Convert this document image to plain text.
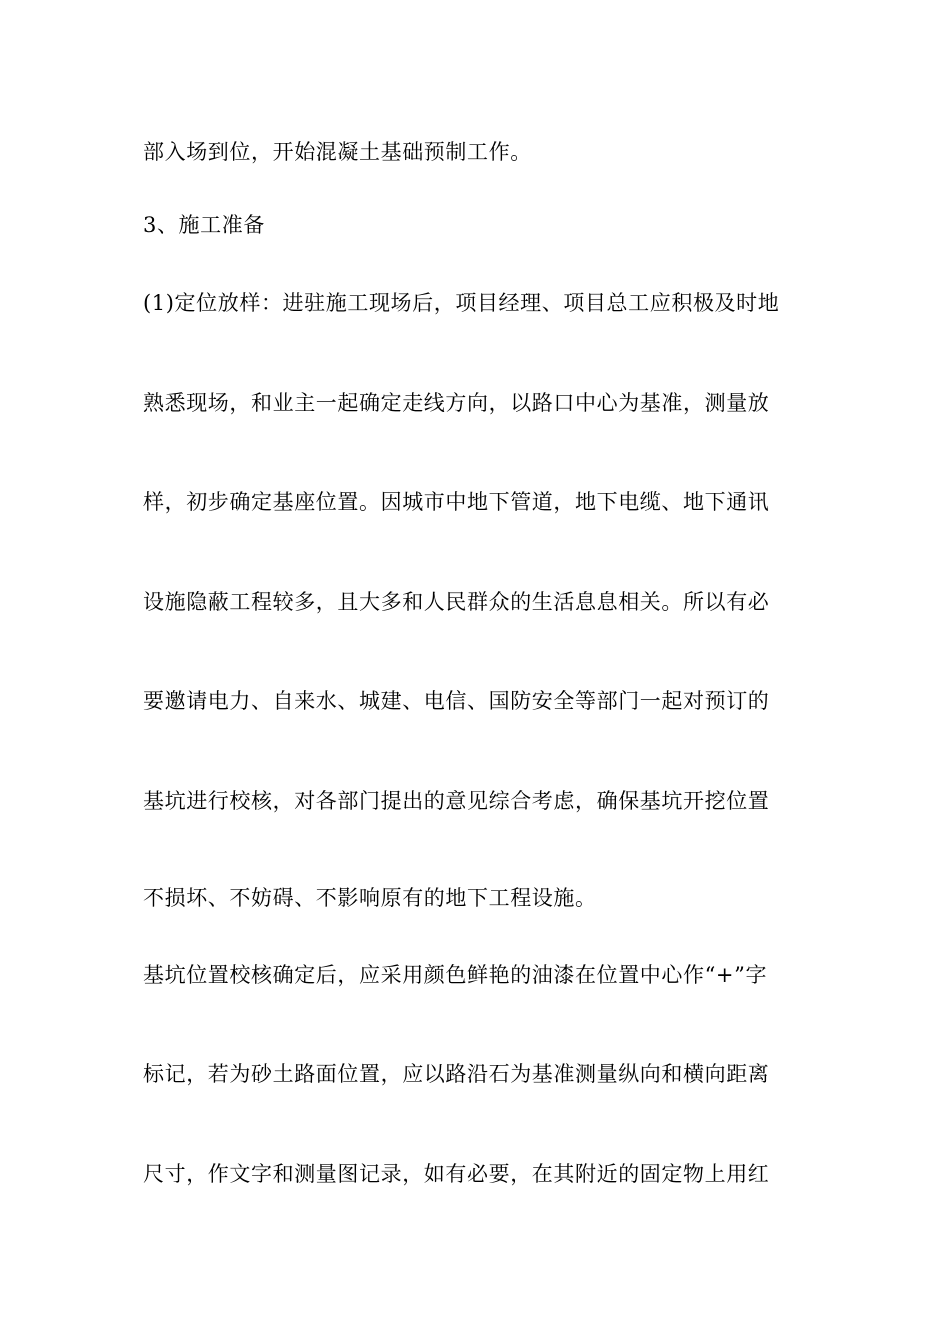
部入场到位，开始混凝土基础预制工作。
3、施工准备
(1)定位放样：进驻施工现场后，项目经理、项目总工应积极及时地
熟悉现场，和业主一起确定走线方向，以路口中心为基准，测量放
样，初步确定基座位置。因城市中地下管道，地下电缆、地下通讯
设施隐蔽工程较多，且大多和人民群众的生活息息相关。所以有必
要邀请电力、自来水、城建、电信、国防安全等部门一起对预订的
基坑进行校核，对各部门提出的意见综合考虑，确保基坑开挖位置
不损坏、不妨碍、不影响原有的地下工程设施。
基坑位置校核确定后，应采用颜色鲜艳的油漆在位置中心作“+”字
标记，若为砂土路面位置，应以路沿石为基准测量纵向和横向距离
尺寸，作文字和测量图记录，如有必要，在其附近的固定物上用红
